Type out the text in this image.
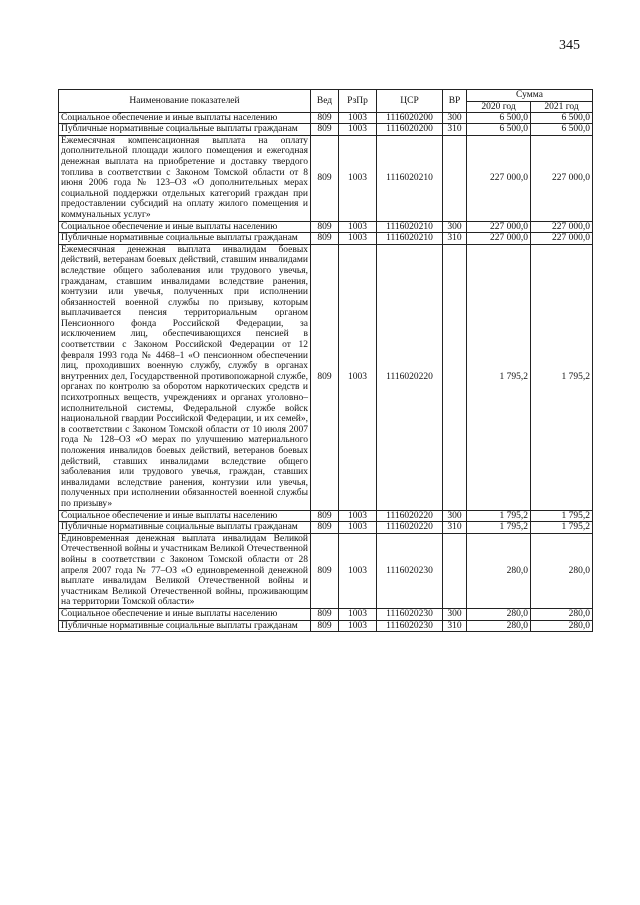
345
Наименование показателей	Вед	РзПр	ЦСР	ВР	Сумма	
					2020 год	2021 год
Социальное обеспечение и иные выплаты населению	809	1003	1116020200	300	6 500,0	6 500,0
Публичные нормативные социальные выплаты гражданам	809	1003	1116020200	310	6 500,0	6 500,0
Ежемесячная компенсационная выплата на оплату дополнительной площади жилого помещения и ежегодная денежная выплата на приобретение и доставку твердого топлива в соответствии с Законом Томской области от 8 июня 2006 года № 123–ОЗ «О дополнительных мерах социальной поддержки отдельных категорий граждан при предоставлении субсидий на оплату жилого помещения и коммунальных услуг»	809	1003	1116020210		227 000,0	227 000,0
Социальное обеспечение и иные выплаты населению	809	1003	1116020210	300	227 000,0	227 000,0
Публичные нормативные социальные выплаты гражданам	809	1003	1116020210	310	227 000,0	227 000,0
Ежемесячная денежная выплата инвалидам боевых действий, ветеранам боевых действий, ставшим инвалидами вследствие общего заболевания или трудового увечья, гражданам, ставшим инвалидами вследствие ранения, контузии или увечья, полученных при исполнении обязанностей военной службы по призыву, которым выплачивается пенсия территориальным органом Пенсионного фонда Российской Федерации, за исключением лиц, обеспечивающихся пенсией в соответствии с Законом Российской Федерации от 12 февраля 1993 года № 4468–1 «О пенсионном обеспечении лиц, проходивших военную службу, службу в органах внутренних дел, Государственной противопожарной службе, органах по контролю за оборотом наркотических средств и психотропных веществ, учреждениях и органах уголовно–исполнительной системы, Федеральной службе войск национальной гвардии Российской Федерации, и их семей», в соответствии с Законом Томской области от 10 июля 2007 года № 128–ОЗ «О мерах по улучшению материального положения инвалидов боевых действий, ветеранов боевых действий, ставших инвалидами вследствие общего заболевания или трудового увечья, граждан, ставших инвалидами вследствие ранения, контузии или увечья, полученных при исполнении обязанностей военной службы по призыву»	809	1003	1116020220		1 795,2	1 795,2
Социальное обеспечение и иные выплаты населению	809	1003	1116020220	300	1 795,2	1 795,2
Публичные нормативные социальные выплаты гражданам	809	1003	1116020220	310	1 795,2	1 795,2
Единовременная денежная выплата инвалидам Великой Отечественной войны и участникам Великой Отечественной войны в соответствии с Законом Томской области от 28 апреля 2007 года № 77–ОЗ «О единовременной денежной выплате инвалидам Великой Отечественной войны и участникам Великой Отечественной войны, проживающим на территории Томской области»	809	1003	1116020230		280,0	280,0
Социальное обеспечение и иные выплаты населению	809	1003	1116020230	300	280,0	280,0
Публичные нормативные социальные выплаты гражданам	809	1003	1116020230	310	280,0	280,0
